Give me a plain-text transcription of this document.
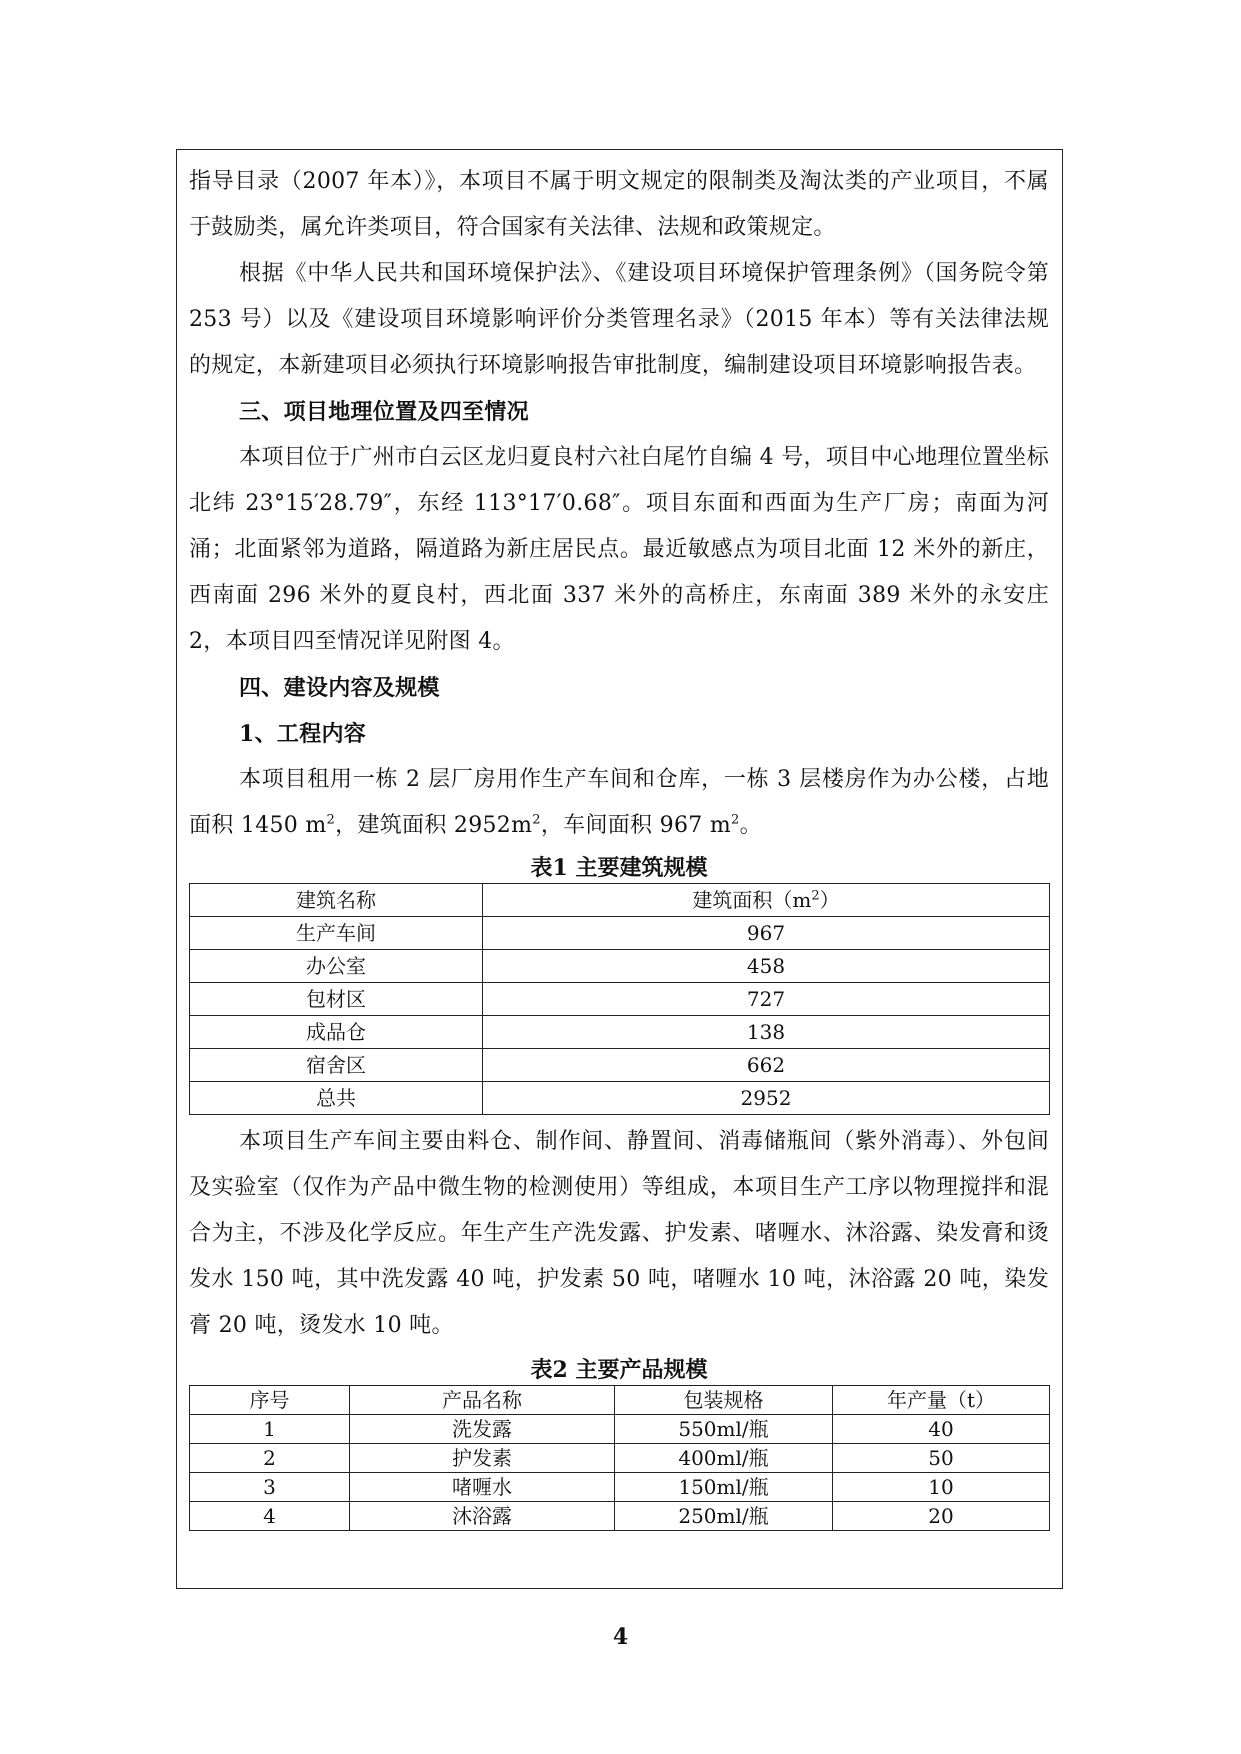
指导目录（2007 年本）》，本项目不属于明文规定的限制类及淘汰类的产业项目，不属于鼓励类，属允许类项目，符合国家有关法律、法规和政策规定。

根据《中华人民共和国环境保护法》、《建设项目环境保护管理条例》（国务院令第 253 号）以及《建设项目环境影响评价分类管理名录》（2015 年本）等有关法律法规的规定，本新建项目必须执行环境影响报告审批制度，编制建设项目环境影响报告表。

三、项目地理位置及四至情况

本项目位于广州市白云区龙归夏良村六社白尾竹自编 4 号，项目中心地理位置坐标 北纬 23°15′28.79″，东经 113°17′0.68″。项目东面和西面为生产厂房；南面为河涌；北面紧邻为道路，隔道路为新庄居民点。最近敏感点为项目北面 12 米外的新庄，西南面 296 米外的夏良村，西北面 337 米外的高桥庄，东南面 389 米外的永安庄 2，本项目四至情况详见附图 4。

四、建设内容及规模
1、工程内容

本项目租用一栋 2 层厂房用作生产车间和仓库，一栋 3 层楼房作为办公楼，占地面积 1450 $m^2$，建筑面积 $2952m^2$，车间面积 967 $m^2$。

表1 主要建筑规模
建筑名称	建筑面积$(m^2)$
生产车间	967
办公室	458
包材区	727
成品仓	138
宿舍区	662
总共	2952

本项目生产车间主要由料仓、制作间、静置间、消毒储瓶间（紫外消毒）、外包间及实验室（仅作为产品中微生物的检测使用）等组成，本项目生产工序以物理搅拌和混合为主，不涉及化学反应。年生产生产洗发露、护发素、啫喱水、沐浴露、染发膏和烫发水 150 吨，其中洗发露 40 吨，护发素 50 吨，啫喱水 10 吨，沐浴露 20 吨，染发膏 20 吨，烫发水 10 吨。

表2 主要产品规模
序号	产品名称	包装规格	年产量（t）
1	洗发露	550ml/瓶	40
2	护发素	400ml/瓶	50
3	啫喱水	150ml/瓶	10
4	沐浴露	250ml/瓶	20
4
